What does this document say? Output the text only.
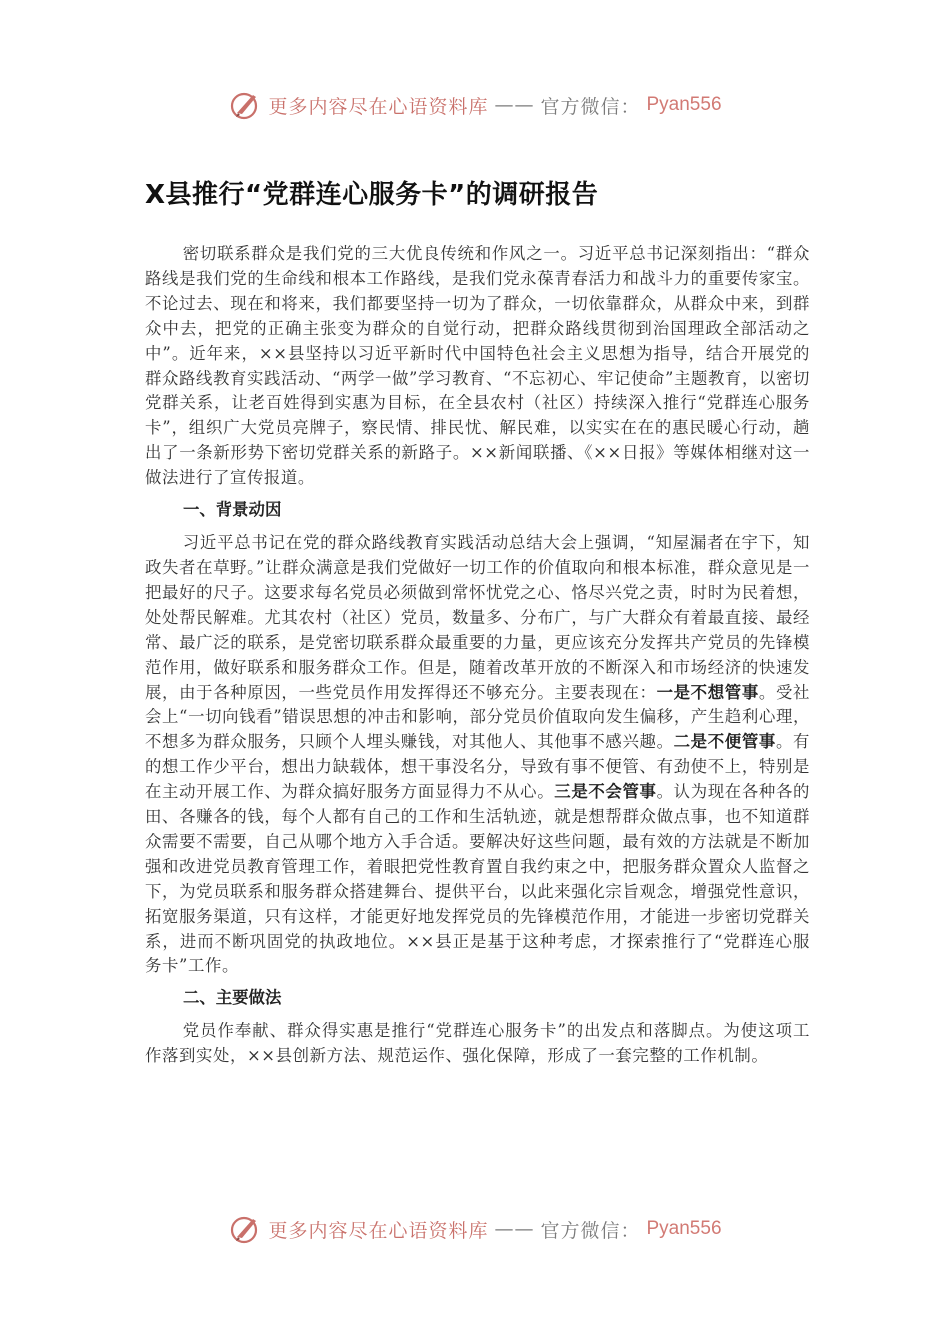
更多内容尽在心语资料库 —— 官方微信： Pyan556
X县推行“党群连心服务卡”的调研报告

密切联系群众是我们党的三大优良传统和作风之一。习近平总书记深刻指出：“群众路线是我们党的生命线和根本工作路线，是我们党永葆青春活力和战斗力的重要传家宝。不论过去、现在和将来，我们都要坚持一切为了群众，一切依靠群众，从群众中来，到群众中去，把党的正确主张变为群众的自觉行动，把群众路线贯彻到治国理政全部活动之中”。近年来，××县坚持以习近平新时代中国特色社会主义思想为指导，结合开展党的群众路线教育实践活动、“两学一做”学习教育、“不忘初心、牢记使命”主题教育，以密切党群关系，让老百姓得到实惠为目标，在全县农村（社区）持续深入推行“党群连心服务卡”，组织广大党员亮牌子，察民情、排民忧、解民难，以实实在在的惠民暖心行动，趟出了一条新形势下密切党群关系的新路子。××新闻联播、《××日报》等媒体相继对这一做法进行了宣传报道。

一、背景动因

习近平总书记在党的群众路线教育实践活动总结大会上强调，“知屋漏者在宇下，知政失者在草野。”让群众满意是我们党做好一切工作的价值取向和根本标准，群众意见是一把最好的尺子。这要求每名党员必须做到常怀忧党之心、恪尽兴党之责，时时为民着想，处处帮民解难。尤其农村（社区）党员，数量多、分布广，与广大群众有着最直接、最经常、最广泛的联系，是党密切联系群众最重要的力量，更应该充分发挥共产党员的先锋模范作用，做好联系和服务群众工作。但是，随着改革开放的不断深入和市场经济的快速发展，由于各种原因，一些党员作用发挥得还不够充分。主要表现在：一是不想管事。受社会上“一切向钱看”错误思想的冲击和影响，部分党员价值取向发生偏移，产生趋利心理，不想多为群众服务，只顾个人埋头赚钱，对其他人、其他事不感兴趣。二是不便管事。有的想工作少平台，想出力缺载体，想干事没名分，导致有事不便管、有劲使不上，特别是在主动开展工作、为群众搞好服务方面显得力不从心。三是不会管事。认为现在各种各的田、各赚各的钱，每个人都有自己的工作和生活轨迹，就是想帮群众做点事，也不知道群众需要不需要，自己从哪个地方入手合适。要解决好这些问题，最有效的方法就是不断加强和改进党员教育管理工作，着眼把党性教育置自我约束之中，把服务群众置众人监督之下，为党员联系和服务群众搭建舞台、提供平台，以此来强化宗旨观念，增强党性意识，拓宽服务渠道，只有这样，才能更好地发挥党员的先锋模范作用，才能进一步密切党群关系，进而不断巩固党的执政地位。××县正是基于这种考虑，才探索推行了“党群连心服务卡”工作。

二、主要做法

党员作奉献、群众得实惠是推行“党群连心服务卡”的出发点和落脚点。为使这项工作落到实处，××县创新方法、规范运作、强化保障，形成了一套完整的工作机制。

更多内容尽在心语资料库 —— 官方微信： Pyan556
